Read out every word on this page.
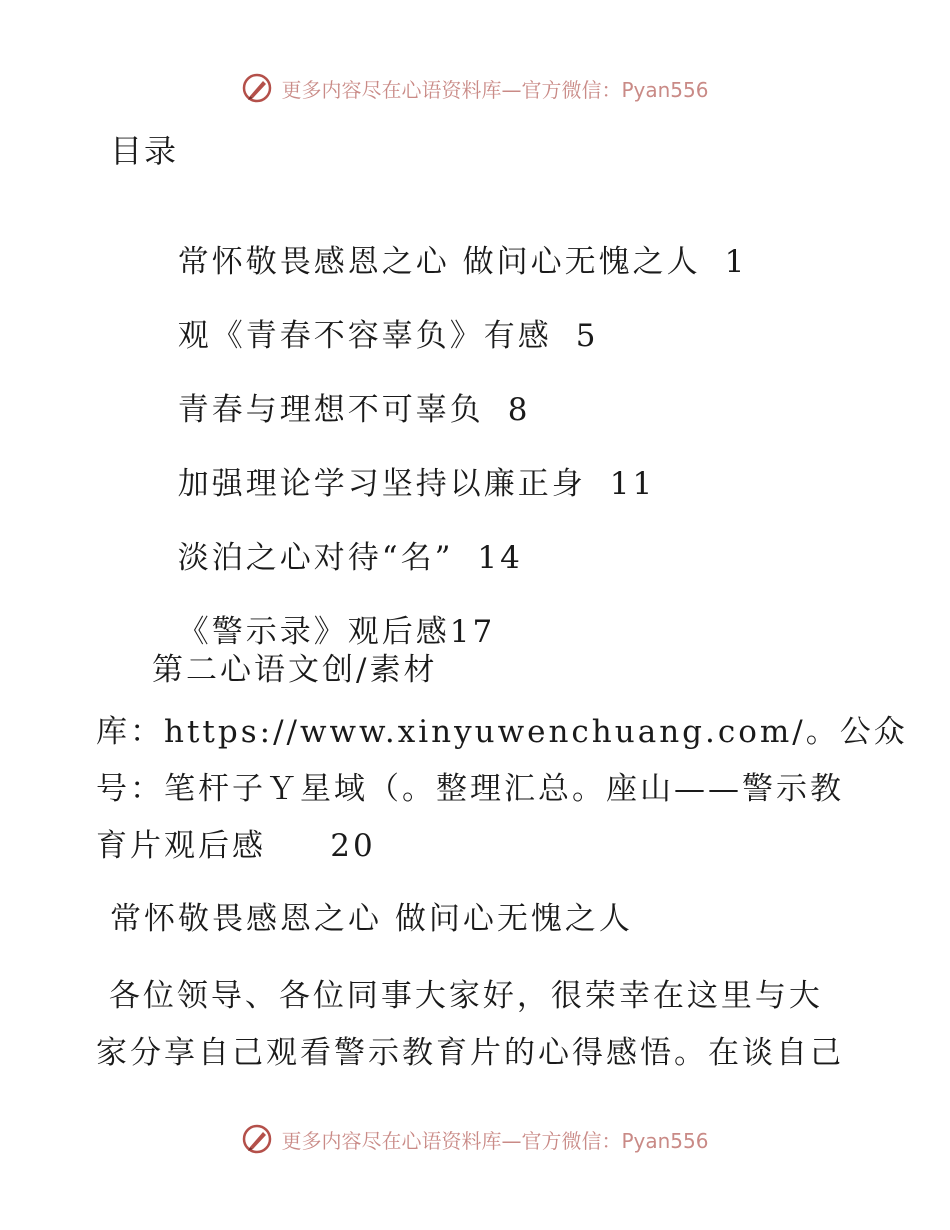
更多内容尽在心语资料库—官方微信：Pyan556
目录

常怀敬畏感恩之心 做问心无愧之人 1

观《青春不容辜负》有感 5

青春与理想不可辜负 8

加强理论学习坚持以廉正身 11

淡泊之心对待“名” 14

《警示录》观后感17

第二心语文创/素材
库：https://www.xinyuwenchuang.com/。公众
号：笔杆子Ｙ星域（。整理汇总。座山——警示教
育片观后感     20
常怀敬畏感恩之心 做问心无愧之人
各位领导、各位同事大家好，很荣幸在这里与大
家分享自己观看警示教育片的心得感悟。在谈自己
更多内容尽在心语资料库—官方微信：Pyan556
